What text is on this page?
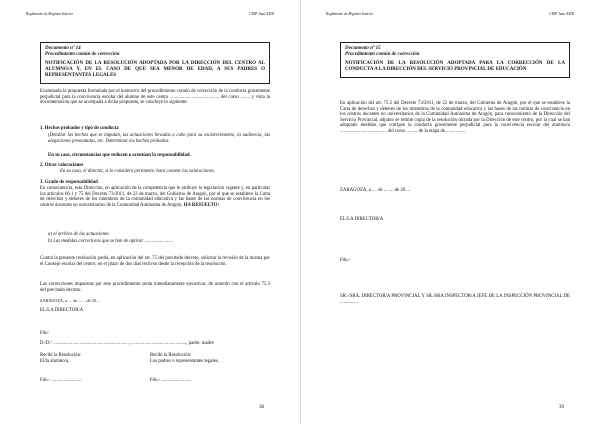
Reglamento de Régimen Interior	CEIP Juan XXIII
Documento nº 14
Procedimiento común de corrección
NOTIFICACIÓN DE LA RESOLUCIÓN ADOPTADA POR LA DIRECCIÓN DEL CENTRO AL ALUMNO/A Y, EN EL CASO DE QUE SEA MENOR DE EDAD, A SUS PADRES O REPRESENTANTES LEGALES
Examinada la propuesta formulada por el instructor del procedimiento común de corrección de la conducta gravemente perjudicial para la convivencia escolar del alumno de este centro ........................................, del curso ........ y vista la documentación que se acompaña a dicha propuesta, se concluye lo siguiente:
1. Hechos probados y tipo de conducta
(Detallar los hechos que se imputan, las actuaciones llevadas a cabo para su esclarecimiento, la audiencia, las alegaciones presentadas, etc. Determinar los hechos probados.
En su caso, circunstancias que reducen o acentúan la responsabilidad.
2. Otras valoraciones
En su caso, el director, si lo considera pertinente, hará constar las valoraciones.
3. Grado de responsabilidad
En consecuencia, esta Dirección, en aplicación de la competencia que le atribuye la legislación vigente y, en particular los artículos 66.1 y 75 del Decreto 73/2011, de 22 de marzo, del Gobierno de Aragón, por el que se establece la Carta de derechos y deberes de los miembros de la comunidad educativa y las bases de las normas de convivencia en los centros docentes no universitarios de la Comunidad Autónoma de Aragón, HA RESUELTO:
a) el archivo de las actuaciones
b) Las medidas correctoras que se han de aplicar ........................
Contra la presente resolución podrá, en aplicación del art. 75 del precitado decreto, solicitar la revisión de la misma por el Consejo escolar del centro, en el plazo de dos días lectivos desde la recepción de la resolución.
Las correcciones impuestas por este procedimiento serán inmediatamente ejecutivas, de acuerdo con el artículo 75.3 del precitado decreto.
ZARAGOZA, a .... de ........de 20....
EL/LA DIRECTOR/A
Fdo:
D./D.ª ..............................................................., .............................................., padre, madre
Recibí la Resolución:
El/la alumno/a,
Recibí la Resolución:
Los padres o representantes legales,
Fdo.- .........................	Fdo.- .........................
38
Reglamento de Régimen Interior	CEIP Juan XXIII
Documento nº 15
Procedimiento común de corrección
NOTIFICACIÓN DE LA RESOLUCIÓN ADOPTADA PARA LA CORRECCIÓN DE LA CONDUCTA A LA DIRECCIÓN DEL SERVICIO PROVINCIAL DE EDUCACIÓN
En aplicación del art. 75.2 del Decreto 73/2011, de 22 de marzo, del Gobierno de Aragón, por el que se establece la Carta de derechos y deberes de los miembros de la comunidad educativa y las bases de las normas de convivencia en los centros docentes no universitarios de la Comunidad Autónoma de Aragón, para conocimiento de la Dirección del Servicio Provincial, adjunto se remite copia de la resolución dictada por la Dirección de este centro, por la cual se han adoptado medidas que corrigen la conducta gravemente perjudicial para la convivencia escolar del alumno/a ....................................... del curso ........, de la etapa de.................
ZARAGOZA, a .... de ........ de 20....
EL/LA DIRECTOR/A
Fdo.-
SR. /SRA. DIRECTOR/A PROVINCIAL Y SR./SRA INSPECTOR/A JEFE DE LA INSPECCIÓN PROVINCIAL DE ...............
39
